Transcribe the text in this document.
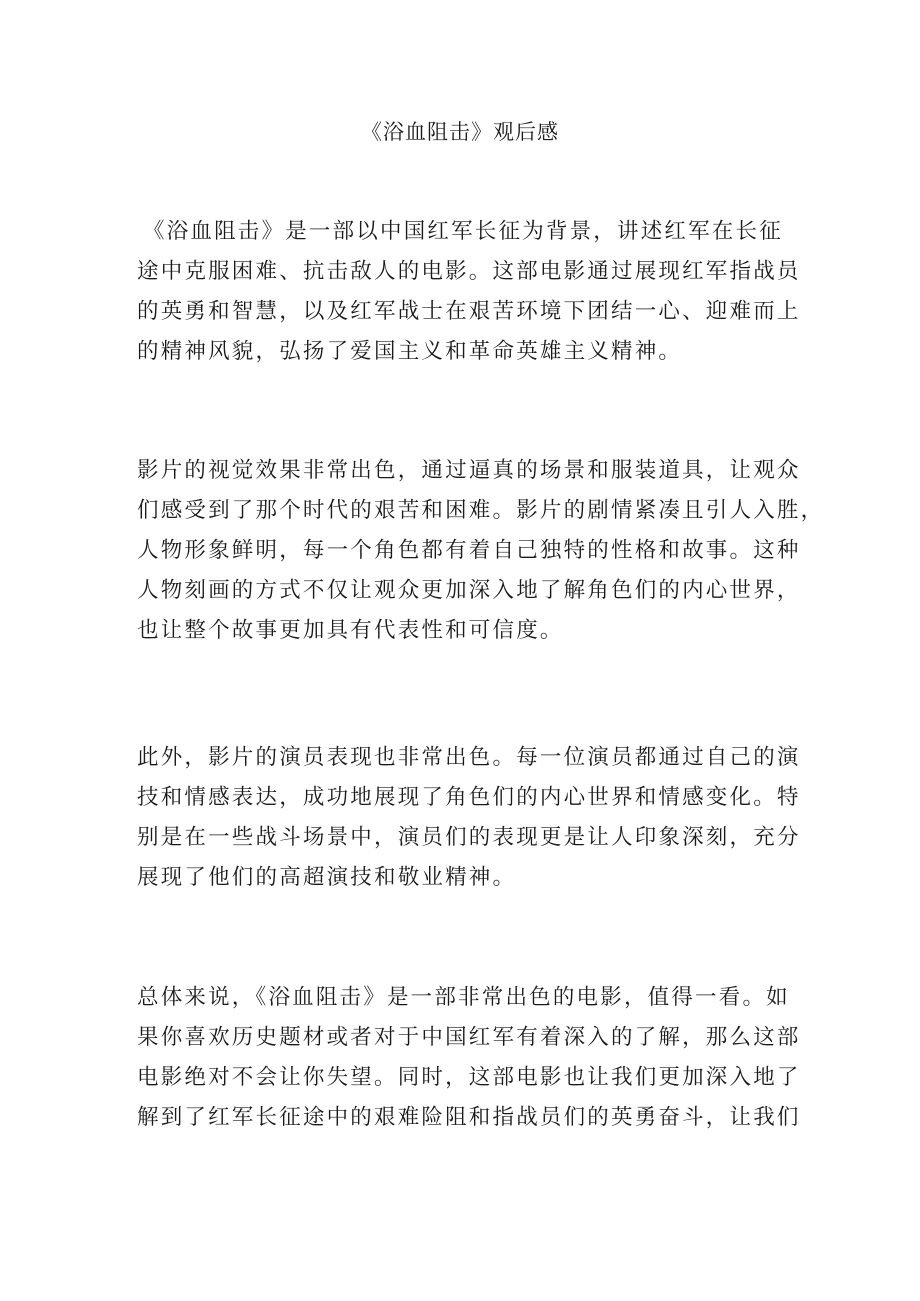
《浴血阻击》观后感

《浴血阻击》是一部以中国红军长征为背景，讲述红军在长征
途中克服困难、抗击敌人的电影。这部电影通过展现红军指战员
的英勇和智慧，以及红军战士在艰苦环境下团结一心、迎难而上
的精神风貌，弘扬了爱国主义和革命英雄主义精神。

影片的视觉效果非常出色，通过逼真的场景和服装道具，让观众
们感受到了那个时代的艰苦和困难。影片的剧情紧凑且引人入胜，
人物形象鲜明，每一个角色都有着自己独特的性格和故事。这种
人物刻画的方式不仅让观众更加深入地了解角色们的内心世界，
也让整个故事更加具有代表性和可信度。

此外，影片的演员表现也非常出色。每一位演员都通过自己的演
技和情感表达，成功地展现了角色们的内心世界和情感变化。特
别是在一些战斗场景中，演员们的表现更是让人印象深刻，充分
展现了他们的高超演技和敬业精神。

总体来说，《浴血阻击》是一部非常出色的电影，值得一看。如
果你喜欢历史题材或者对于中国红军有着深入的了解，那么这部
电影绝对不会让你失望。同时，这部电影也让我们更加深入地了
解到了红军长征途中的艰难险阻和指战员们的英勇奋斗，让我们
